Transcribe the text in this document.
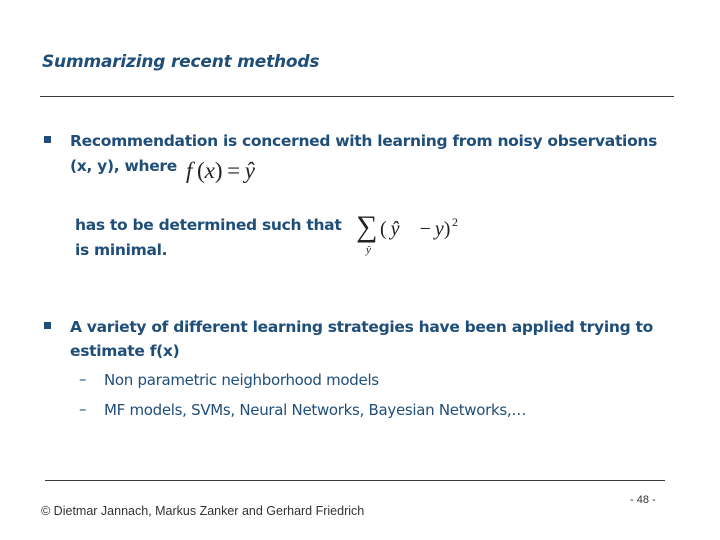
Summarizing recent methods
Recommendation is concerned with learning from noisy observations
(x, y), where f (x) = ŷ
has to be determined such that
is minimal.
∑
ŷ
( ŷ    − y) 2
A variety of different learning strategies have been applied trying to
estimate f(x)
– Non parametric neighborhood models
– MF models, SVMs, Neural Networks, Bayesian Networks,…
© Dietmar Jannach, Markus Zanker and Gerhard Friedrich
- 48 -
